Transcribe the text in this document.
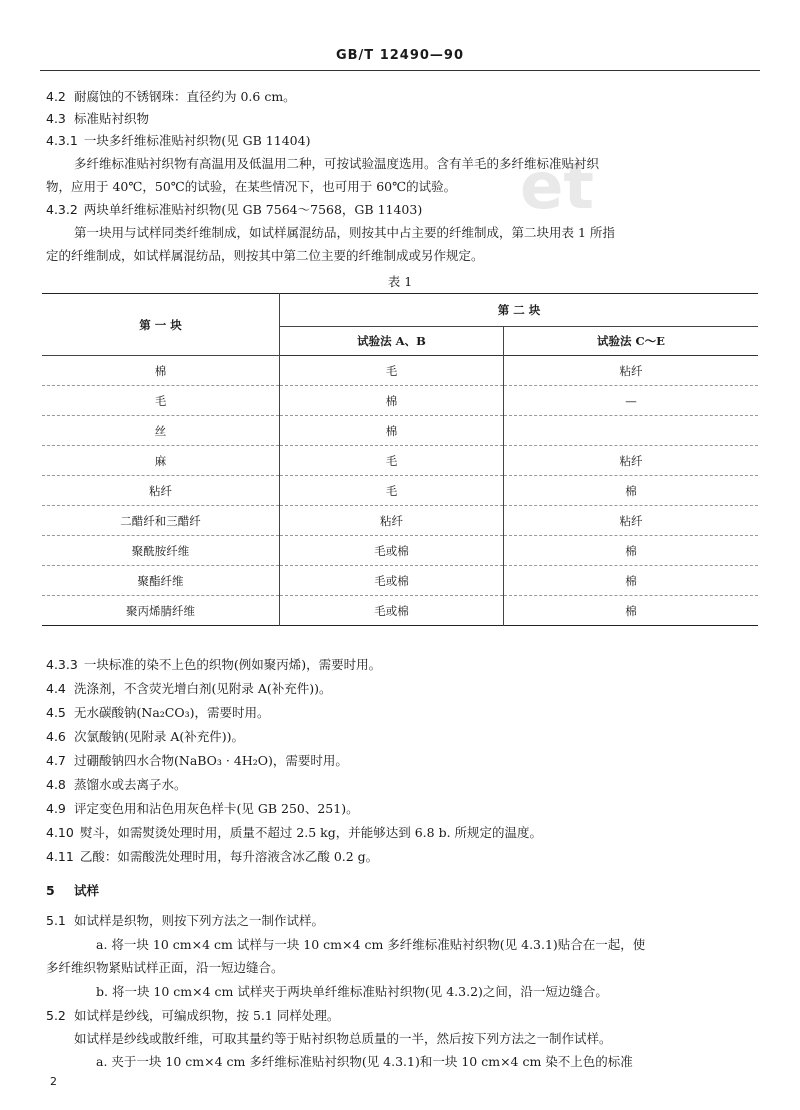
et
GB/T 12490—90
4.2 耐腐蚀的不锈钢珠：直径约为 0.6 cm。
4.3 标准贴衬织物
4.3.1 一块多纤维标准贴衬织物(见 GB 11404)
多纤维标准贴衬织物有高温用及低温用二种，可按试验温度选用。含有羊毛的多纤维标准贴衬织
物，应用于 40℃，50℃的试验，在某些情况下，也可用于 60℃的试验。
4.3.2 两块单纤维标准贴衬织物(见 GB 7564～7568，GB 11403)
第一块用与试样同类纤维制成，如试样属混纺品，则按其中占主要的纤维制成，第二块用表 1 所指
定的纤维制成，如试样属混纺品，则按其中第二位主要的纤维制成或另作规定。
表 1
第 一 块	第 二 块	
	试验法 A、B	试验法 C～E
棉	毛	粘纤
毛	棉	—
丝	棉	
麻	毛	粘纤
粘纤	毛	棉
二醋纤和三醋纤	粘纤	粘纤
聚酰胺纤维	毛或棉	棉
聚酯纤维	毛或棉	棉
聚丙烯腈纤维	毛或棉	棉
4.3.3 一块标准的染不上色的织物(例如聚丙烯)，需要时用。
4.4 洗涤剂，不含荧光增白剂(见附录 A(补充件))。
4.5 无水碳酸钠(Na₂CO₃)，需要时用。
4.6 次氯酸钠(见附录 A(补充件))。
4.7 过硼酸钠四水合物(NaBO₃ · 4H₂O)，需要时用。
4.8 蒸馏水或去离子水。
4.9 评定变色用和沾色用灰色样卡(见 GB 250、251)。
4.10 熨斗，如需熨烫处理时用，质量不超过 2.5 kg，并能够达到 6.8 b. 所规定的温度。
4.11 乙酸：如需酸洗处理时用，每升溶液含冰乙酸 0.2 g。
5 试样
5.1 如试样是织物，则按下列方法之一制作试样。
a. 将一块 10 cm×4 cm 试样与一块 10 cm×4 cm 多纤维标准贴衬织物(见 4.3.1)贴合在一起，使
多纤维织物紧贴试样正面，沿一短边缝合。
b. 将一块 10 cm×4 cm 试样夹于两块单纤维标准贴衬织物(见 4.3.2)之间，沿一短边缝合。
5.2 如试样是纱线，可编成织物，按 5.1 同样处理。
如试样是纱线或散纤维，可取其量约等于贴衬织物总质量的一半，然后按下列方法之一制作试样。
a. 夹于一块 10 cm×4 cm 多纤维标准贴衬织物(见 4.3.1)和一块 10 cm×4 cm 染不上色的标准
2
